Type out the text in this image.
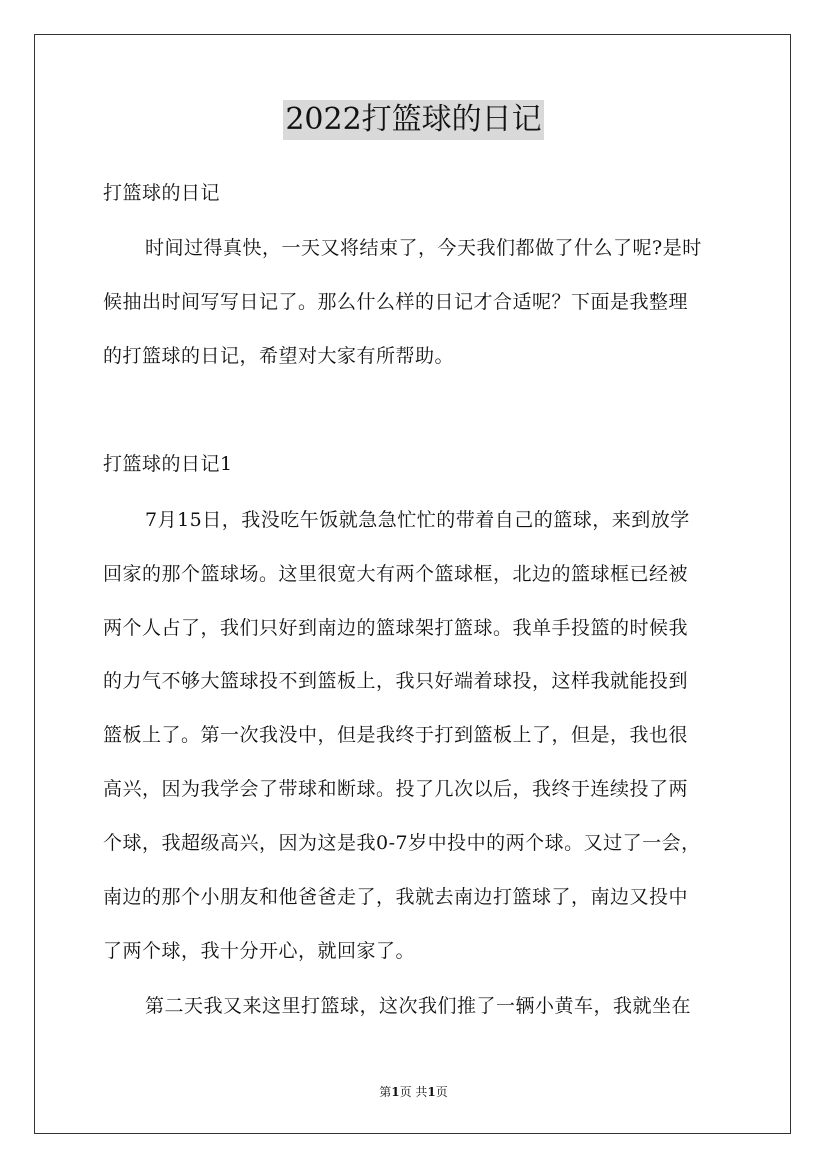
2022打篮球的日记
打篮球的日记
时间过得真快，一天又将结束了，今天我们都做了什么了呢?是时
候抽出时间写写日记了。那么什么样的日记才合适呢？下面是我整理
的打篮球的日记，希望对大家有所帮助。
打篮球的日记1
7月15日，我没吃午饭就急急忙忙的带着自己的篮球，来到放学
回家的那个篮球场。这里很宽大有两个篮球框，北边的篮球框已经被
两个人占了，我们只好到南边的篮球架打篮球。我单手投篮的时候我
的力气不够大篮球投不到篮板上，我只好端着球投，这样我就能投到
篮板上了。第一次我没中，但是我终于打到篮板上了，但是，我也很
高兴，因为我学会了带球和断球。投了几次以后，我终于连续投了两
个球，我超级高兴，因为这是我0-7岁中投中的两个球。又过了一会，
南边的那个小朋友和他爸爸走了，我就去南边打篮球了，南边又投中
了两个球，我十分开心，就回家了。
第二天我又来这里打篮球，这次我们推了一辆小黄车，我就坐在
第1页 共1页
